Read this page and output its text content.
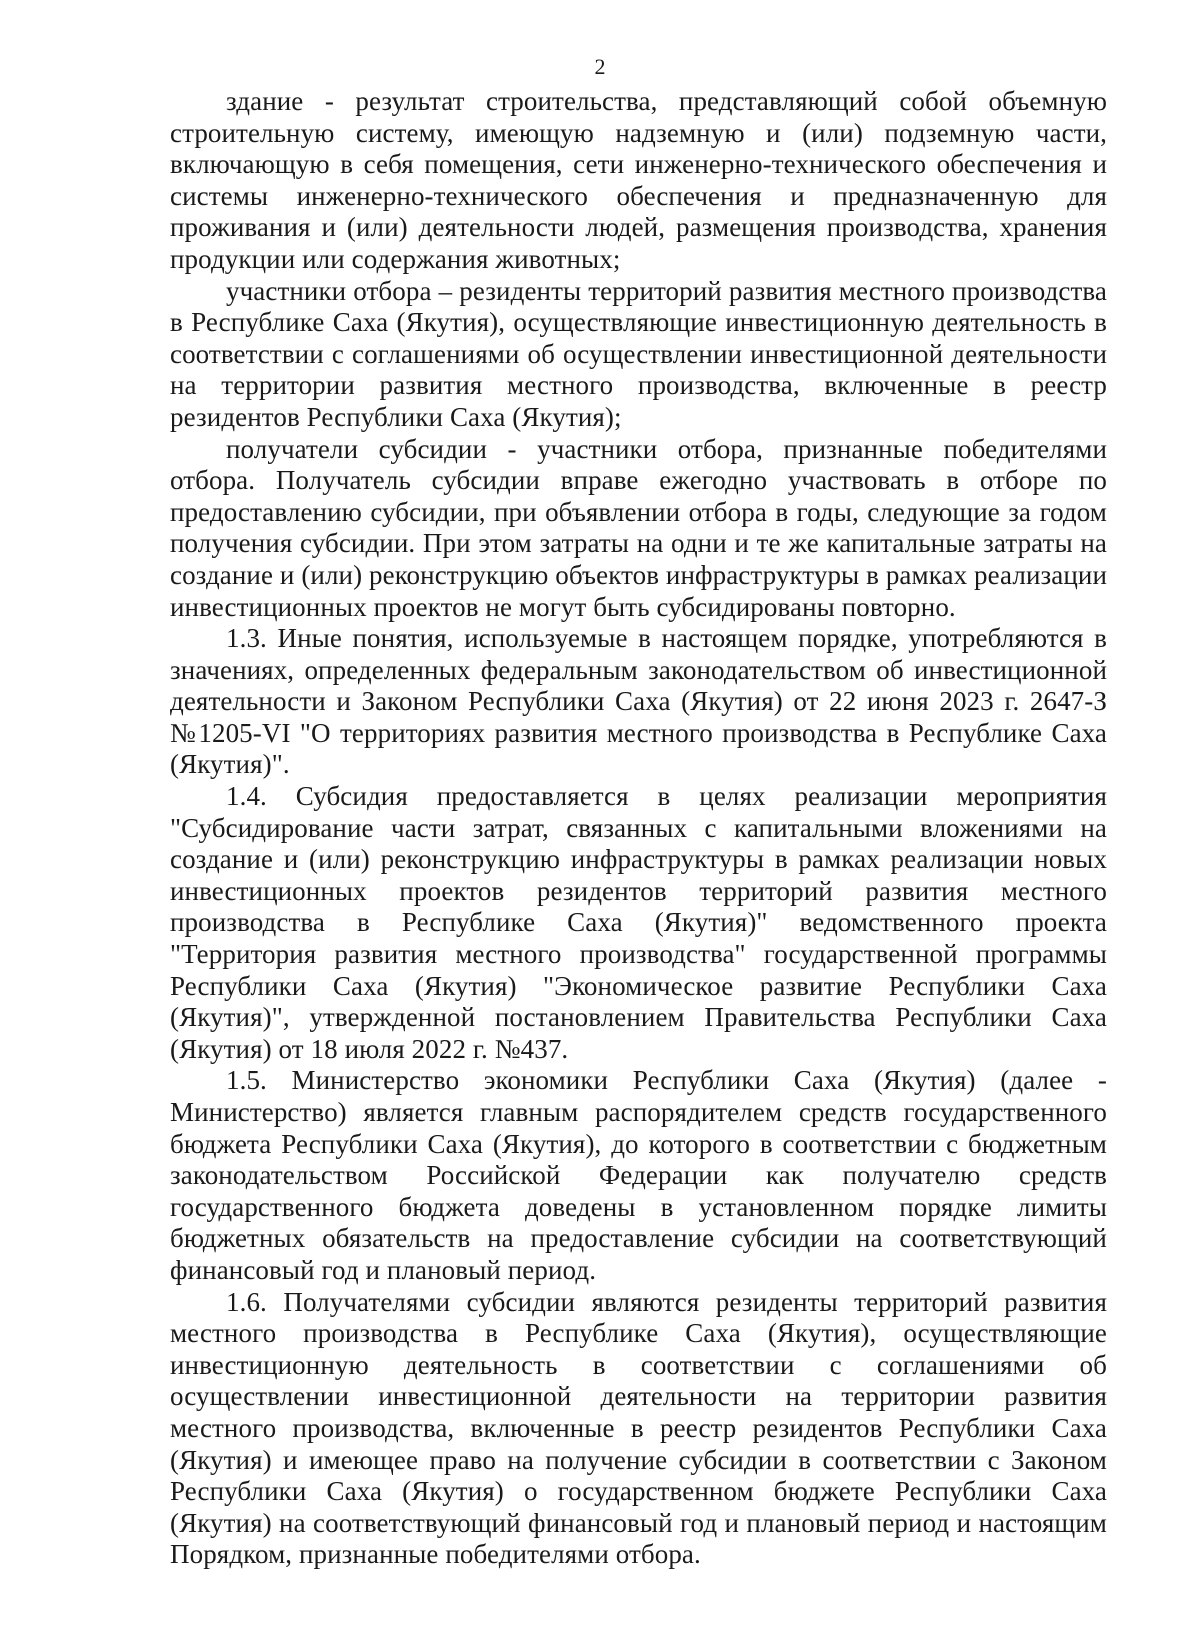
2

здание - результат строительства, представляющий собой объемную строительную систему, имеющую надземную и (или) подземную части, включающую в себя помещения, сети инженерно-технического обеспечения и системы инженерно-технического обеспечения и предназначенную для проживания и (или) деятельности людей, размещения производства, хранения продукции или содержания животных;

участники отбора – резиденты территорий развития местного производства в Республике Саха (Якутия), осуществляющие инвестиционную деятельность в соответствии с соглашениями об осуществлении инвестиционной деятельности на территории развития местного производства, включенные в реестр резидентов Республики Саха (Якутия);

получатели субсидии - участники отбора, признанные победителями отбора. Получатель субсидии вправе ежегодно участвовать в отборе по предоставлению субсидии, при объявлении отбора в годы, следующие за годом получения субсидии. При этом затраты на одни и те же капитальные затраты на создание и (или) реконструкцию объектов инфраструктуры в рамках реализации инвестиционных проектов не могут быть субсидированы повторно.

1.3. Иные понятия, используемые в настоящем порядке, употребляются в значениях, определенных федеральным законодательством об инвестиционной деятельности и Законом Республики Саха (Якутия) от 22 июня 2023 г. 2647-З №1205-VI "О территориях развития местного производства в Республике Саха (Якутия)".

1.4. Субсидия предоставляется в целях реализации мероприятия "Субсидирование части затрат, связанных с капитальными вложениями на создание и (или) реконструкцию инфраструктуры в рамках реализации новых инвестиционных проектов резидентов территорий развития местного производства в Республике Саха (Якутия)" ведомственного проекта "Территория развития местного производства" государственной программы Республики Саха (Якутия) "Экономическое развитие Республики Саха (Якутия)", утвержденной постановлением Правительства Республики Саха (Якутия) от 18 июля 2022 г. №437.

1.5. Министерство экономики Республики Саха (Якутия) (далее - Министерство) является главным распорядителем средств государственного бюджета Республики Саха (Якутия), до которого в соответствии с бюджетным законодательством Российской Федерации как получателю средств государственного бюджета доведены в установленном порядке лимиты бюджетных обязательств на предоставление субсидии на соответствующий финансовый год и плановый период.

1.6. Получателями субсидии являются резиденты территорий развития местного производства в Республике Саха (Якутия), осуществляющие инвестиционную деятельность в соответствии с соглашениями об осуществлении инвестиционной деятельности на территории развития местного производства, включенные в реестр резидентов Республики Саха (Якутия) и имеющее право на получение субсидии в соответствии с Законом Республики Саха (Якутия) о государственном бюджете Республики Саха (Якутия) на соответствующий финансовый год и плановый период и настоящим Порядком, признанные победителями отбора.
